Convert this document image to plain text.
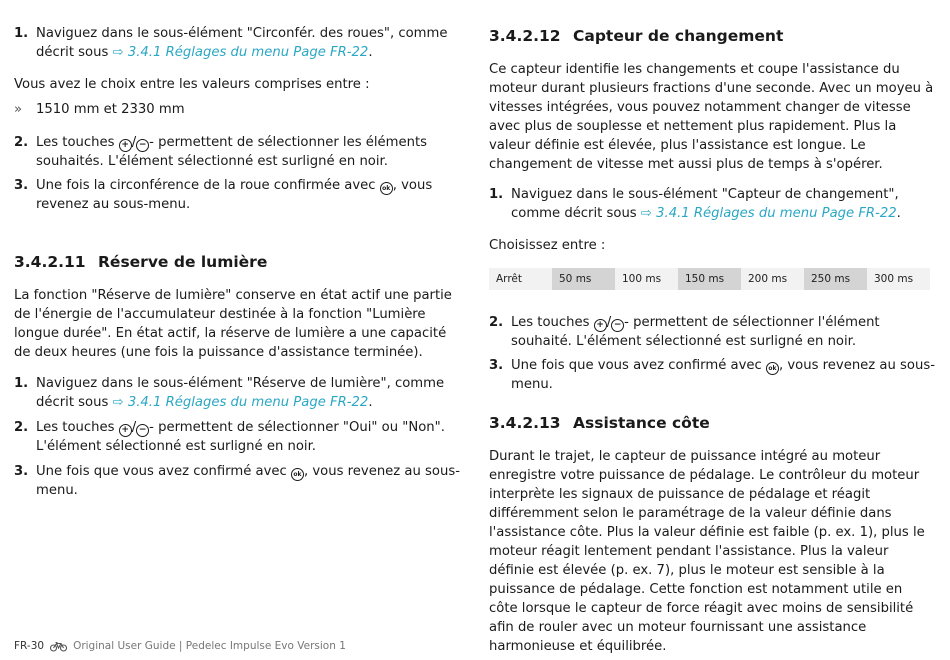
1. Naviguez dans le sous-élément "Circonfér. des roues", comme décrit sous ⇨ 3.4.1 Réglages du menu Page FR-22.

Vous avez le choix entre les valeurs comprises entre :

» 1510 mm et 2330 mm
2. Les touches + / − - permettent de sélectionner les éléments souhaités. L'élément sélectionné est surligné en noir.
3. Une fois la circonférence de la roue confirmée avec ok , vous revenez au sous-menu.
3.4.2.11 Réserve de lumière

La fonction "Réserve de lumière" conserve en état actif une partie de l'énergie de l'accumulateur destinée à la fonction "Lumière longue durée". En état actif, la réserve de lumière a une capacité de deux heures (une fois la puissance d'assistance terminée).

1. Naviguez dans le sous-élément "Réserve de lumière", comme décrit sous ⇨ 3.4.1 Réglages du menu Page FR-22.
2. Les touches + / − - permettent de sélectionner "Oui" ou "Non". L'élément sélectionné est surligné en noir.
3. Une fois que vous avez confirmé avec ok , vous revenez au sous-menu.
3.4.2.12 Capteur de changement

Ce capteur identifie les changements et coupe l'assistance du moteur durant plusieurs fractions d'une seconde. Avec un moyeu à vitesses intégrées, vous pouvez notamment changer de vitesse avec plus de souplesse et nettement plus rapidement. Plus la valeur définie est élevée, plus l'assistance est longue. Le changement de vitesse met aussi plus de temps à s'opérer.

1. Naviguez dans le sous-élément "Capteur de changement", comme décrit sous ⇨ 3.4.1 Réglages du menu Page FR-22.

Choisissez entre :

Arrêt	50 ms	100 ms	150 ms	200 ms	250 ms	300 ms
2. Les touches + / − - permettent de sélectionner l'élément souhaité. L'élément sélectionné est surligné en noir.
3. Une fois que vous avez confirmé avec ok , vous revenez au sous-menu.
3.4.2.13 Assistance côte

Durant le trajet, le capteur de puissance intégré au moteur enregistre votre puissance de pédalage. Le contrôleur du moteur interprète les signaux de puissance de pédalage et réagit différemment selon le paramétrage de la valeur définie dans l'assistance côte. Plus la valeur définie est faible (p. ex. 1), plus le moteur réagit lentement pendant l'assistance. Plus la valeur définie est élevée (p. ex. 7), plus le moteur est sensible à la puissance de pédalage. Cette fonction est notamment utile en côte lorsque le capteur de force réagit avec moins de sensibilité afin de rouler avec un moteur fournissant une assistance harmonieuse et équilibrée.

FR-30	Original User Guide | Pedelec Impulse Evo Version 1
